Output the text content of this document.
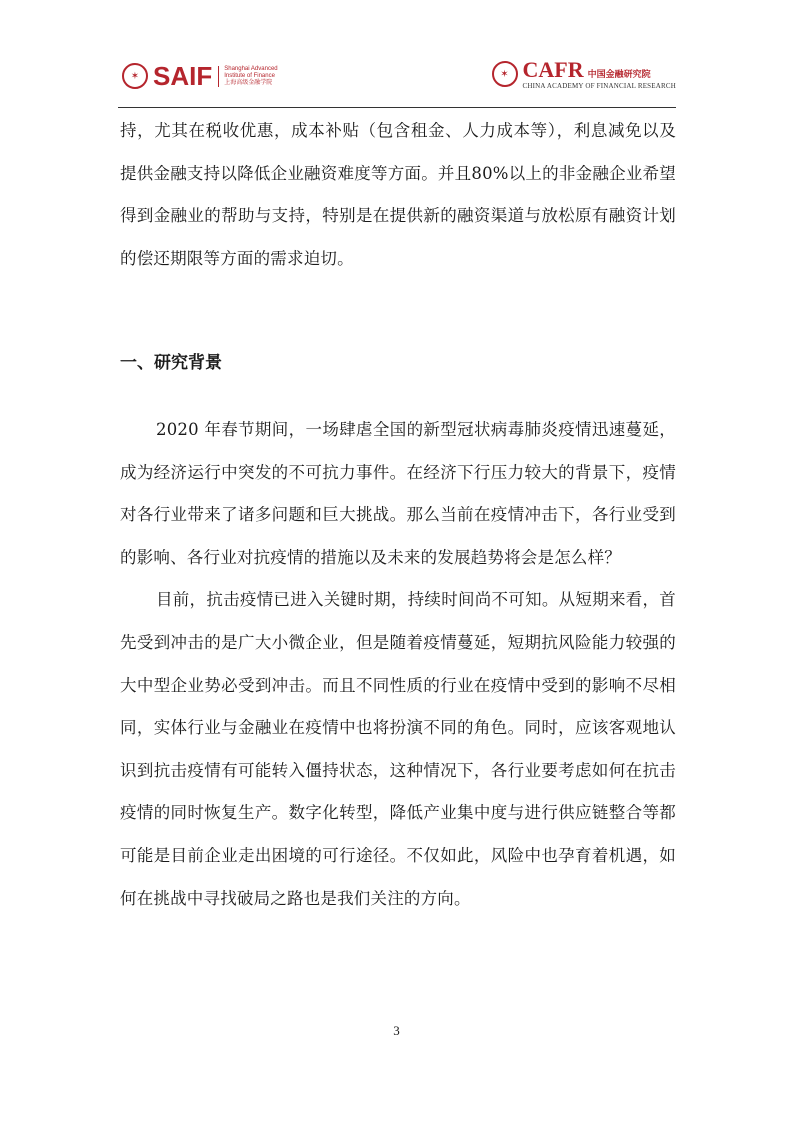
✶ SAIF Shanghai Advanced
Institute of Finance
上海高级金融学院
✶ CAFR 中国金融研究院
CHINA ACADEMY OF FINANCIAL RESEARCH

持，尤其在税收优惠，成本补贴（包含租金、人力成本等），利息减免以及提供金融支持以降低企业融资难度等方面。并且80%以上的非金融企业希望得到金融业的帮助与支持，特别是在提供新的融资渠道与放松原有融资计划的偿还期限等方面的需求迫切。

一、研究背景

2020 年春节期间，一场肆虐全国的新型冠状病毒肺炎疫情迅速蔓延，成为经济运行中突发的不可抗力事件。在经济下行压力较大的背景下，疫情对各行业带来了诸多问题和巨大挑战。那么当前在疫情冲击下，各行业受到的影响、各行业对抗疫情的措施以及未来的发展趋势将会是怎么样？

目前，抗击疫情已进入关键时期，持续时间尚不可知。从短期来看，首先受到冲击的是广大小微企业，但是随着疫情蔓延，短期抗风险能力较强的大中型企业势必受到冲击。而且不同性质的行业在疫情中受到的影响不尽相同，实体行业与金融业在疫情中也将扮演不同的角色。同时，应该客观地认识到抗击疫情有可能转入僵持状态，这种情况下，各行业要考虑如何在抗击疫情的同时恢复生产。数字化转型，降低产业集中度与进行供应链整合等都可能是目前企业走出困境的可行途径。不仅如此，风险中也孕育着机遇，如何在挑战中寻找破局之路也是我们关注的方向。

3
